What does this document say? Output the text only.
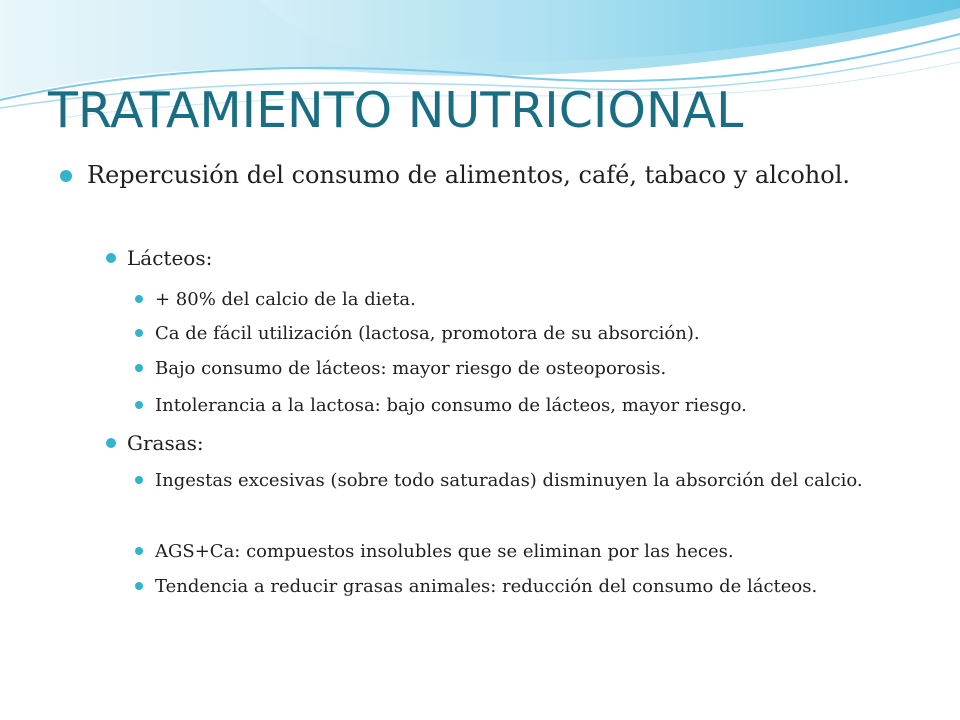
TRATAMIENTO NUTRICIONAL

Repercusión del consumo de alimentos, café, tabaco y alcohol.

Lácteos:

+ 80% del calcio de la dieta.

Ca de fácil utilización (lactosa, promotora de su absorción).

Bajo consumo de lácteos: mayor riesgo de osteoporosis.

Intolerancia a la lactosa: bajo consumo de lácteos, mayor riesgo.

Grasas:

Ingestas excesivas (sobre todo saturadas) disminuyen la absorción del calcio.

AGS+Ca: compuestos insolubles que se eliminan por las heces.

Tendencia a reducir grasas animales: reducción del consumo de lácteos.
